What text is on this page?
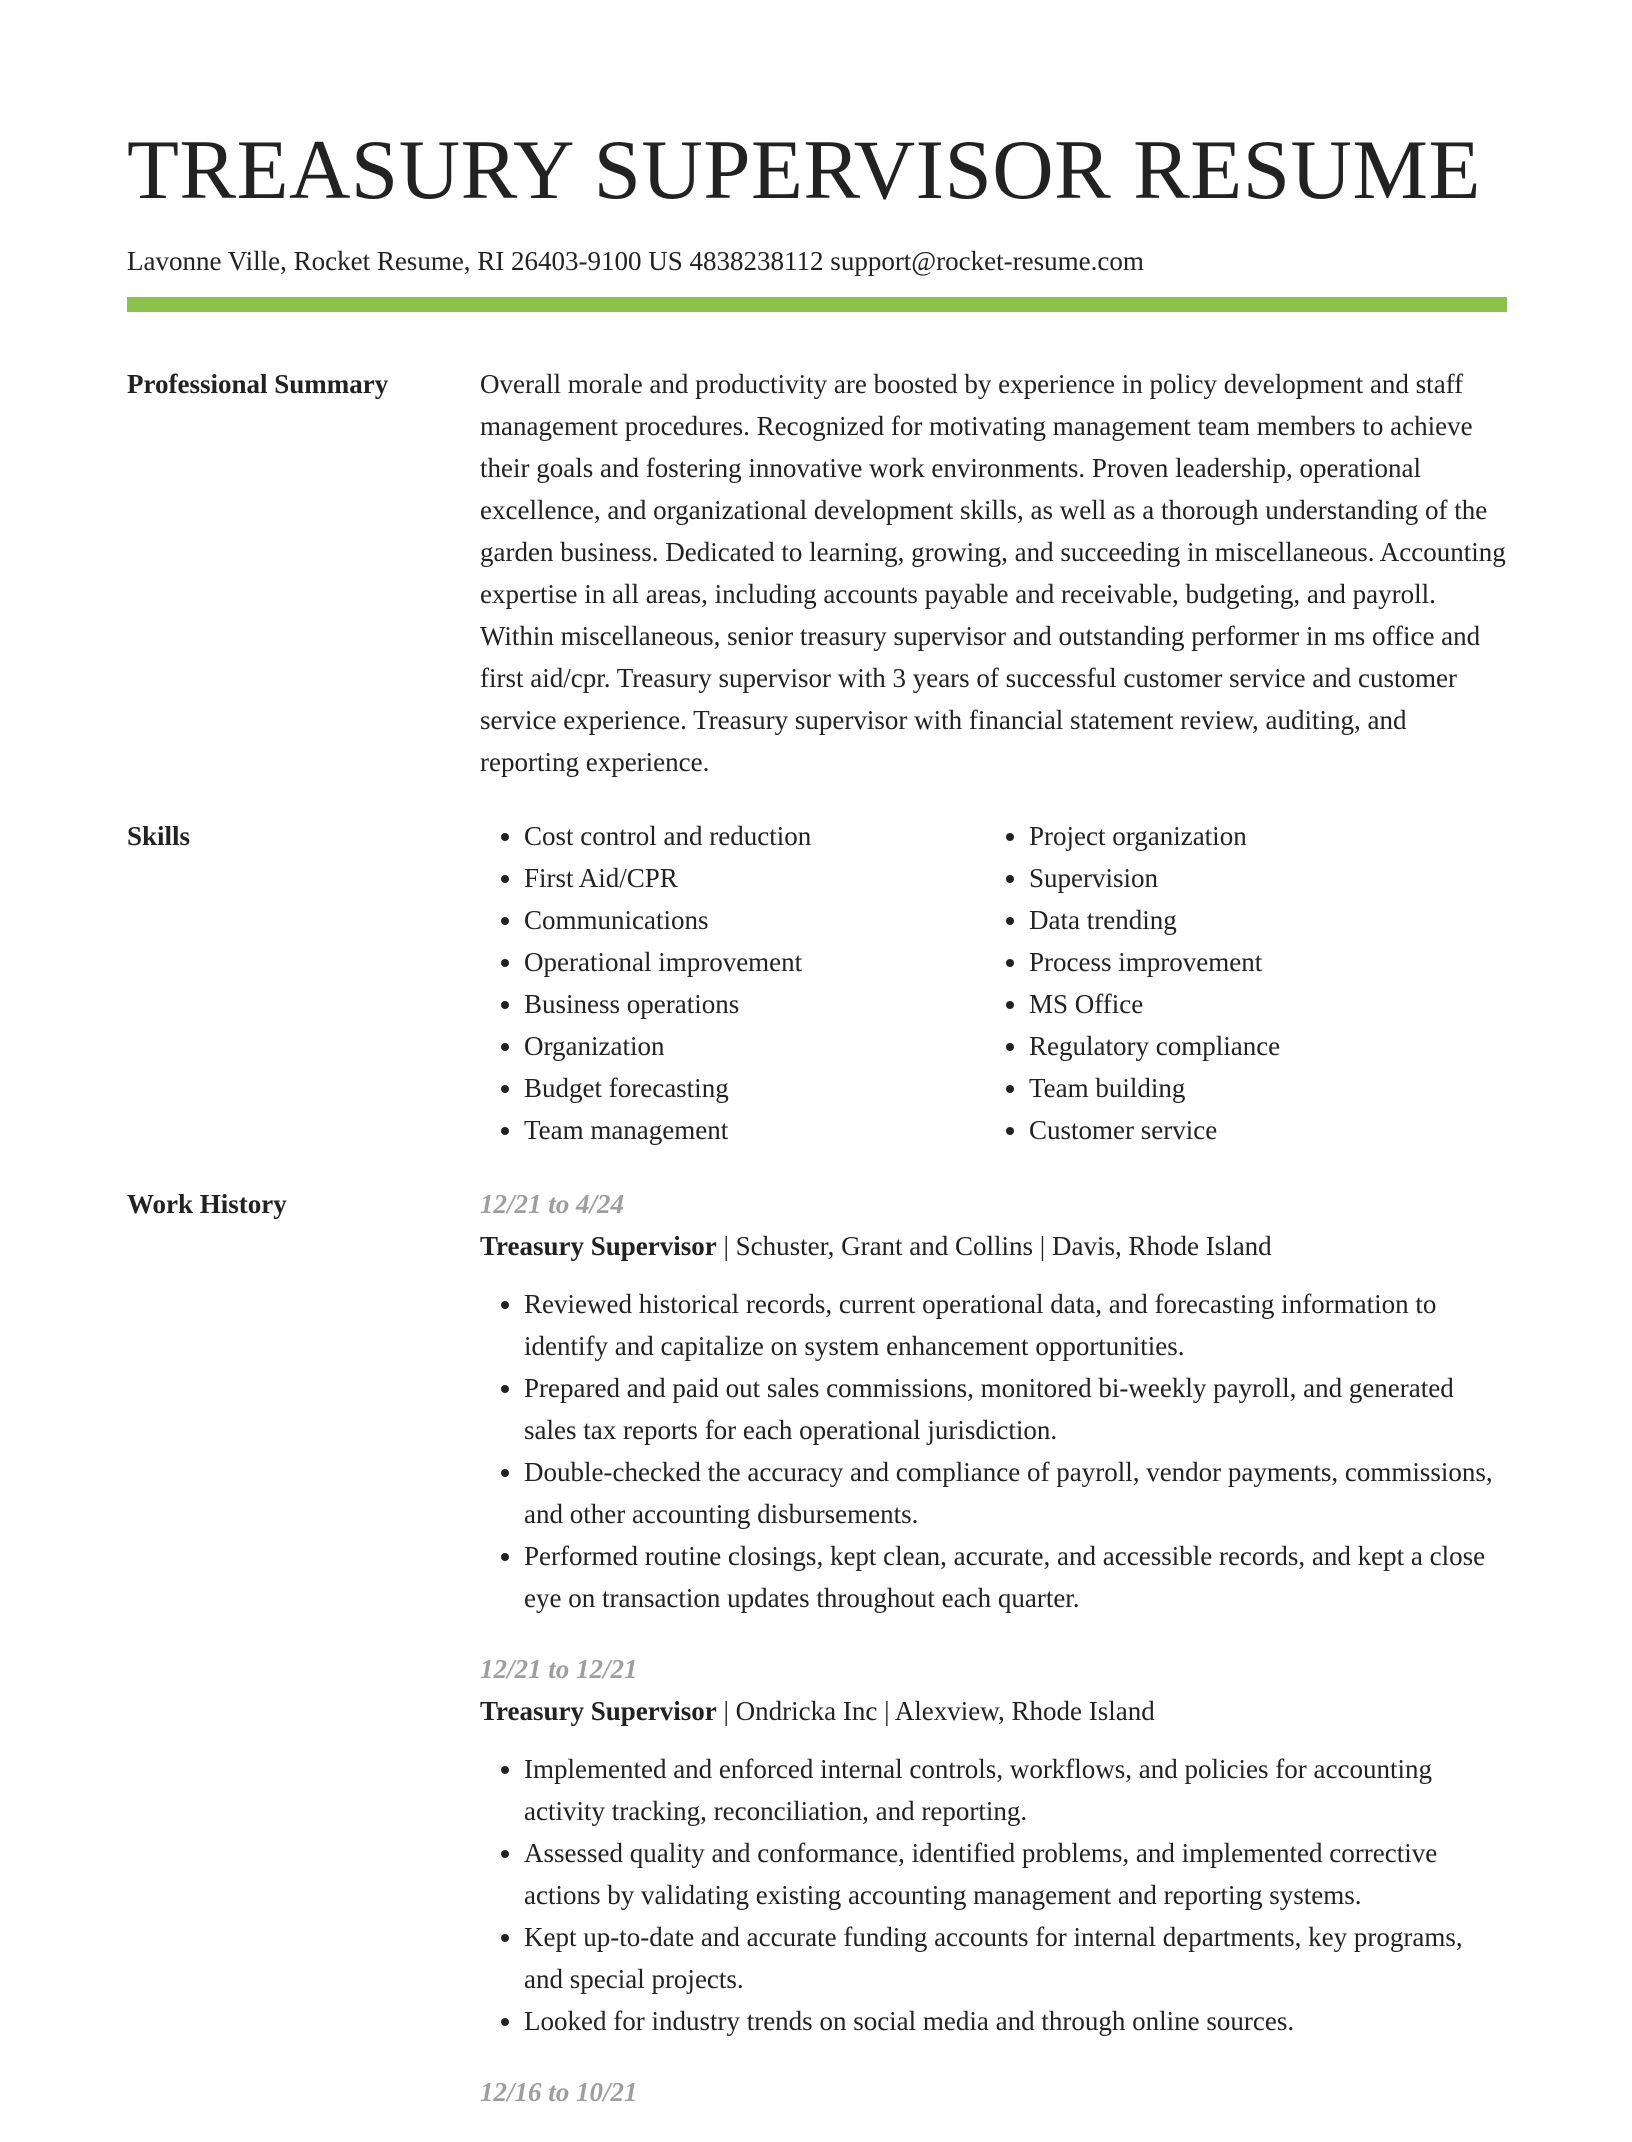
TREASURY SUPERVISOR RESUME
Lavonne Ville, Rocket Resume, RI 26403-9100 US 4838238112 support@rocket-resume.com
Professional Summary	Overall morale and productivity are boosted by experience in policy development and staff management procedures. Recognized for motivating management team members to achieve their goals and fostering innovative work environments. Proven leadership, operational excellence, and organizational development skills, as well as a thorough understanding of the garden business. Dedicated to learning, growing, and succeeding in miscellaneous. Accounting expertise in all areas, including accounts payable and receivable, budgeting, and payroll. Within miscellaneous, senior treasury supervisor and outstanding performer in ms office and first aid/cpr. Treasury supervisor with 3 years of successful customer service and customer service experience. Treasury supervisor with financial statement review, auditing, and reporting experience.

Skills
•	Cost control and reduction
• First Aid/CPR
• Communications
• Operational improvement
• Business operations
• Organization
• Budget forecasting
• Team management
• Project organization
• Supervision
• Data trending
• Process improvement
• MS Office
• Regulatory compliance
• Team building
• Customer service
Work History	12/21 to 4/24
Treasury Supervisor | Schuster, Grant and Collins | Davis, Rhode Island
• Reviewed historical records, current operational data, and forecasting information to identify and capitalize on system enhancement opportunities.
• Prepared and paid out sales commissions, monitored bi-weekly payroll, and generated sales tax reports for each operational jurisdiction.
• Double-checked the accuracy and compliance of payroll, vendor payments, commissions, and other accounting disbursements.
• Performed routine closings, kept clean, accurate, and accessible records, and kept a close eye on transaction updates throughout each quarter.
12/21 to 12/21
Treasury Supervisor | Ondricka Inc | Alexview, Rhode Island
• Implemented and enforced internal controls, workflows, and policies for accounting activity tracking, reconciliation, and reporting.
• Assessed quality and conformance, identified problems, and implemented corrective actions by validating existing accounting management and reporting systems.
• Kept up-to-date and accurate funding accounts for internal departments, key programs, and special projects.
• Looked for industry trends on social media and through online sources.
12/16 to 10/21
